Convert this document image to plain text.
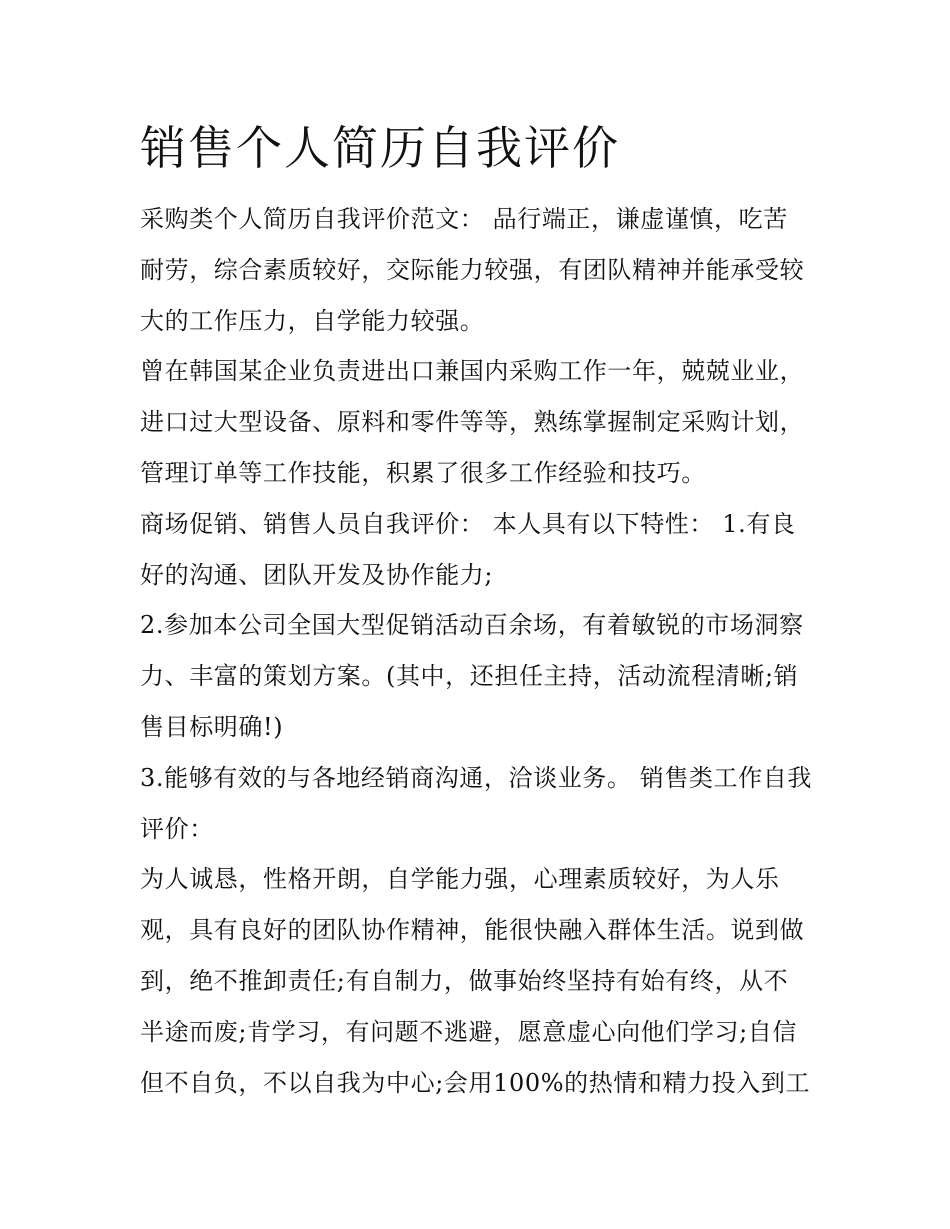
销售个人简历自我评价
采购类个人简历自我评价范文： 品行端正，谦虚谨慎，吃苦
耐劳，综合素质较好，交际能力较强，有团队精神并能承受较
大的工作压力，自学能力较强。
曾在韩国某企业负责进出口兼国内采购工作一年，兢兢业业，
进口过大型设备、原料和零件等等，熟练掌握制定采购计划，
管理订单等工作技能，积累了很多工作经验和技巧。
商场促销、销售人员自我评价： 本人具有以下特性： 1.有良
好的沟通、团队开发及协作能力;
2.参加本公司全国大型促销活动百余场，有着敏锐的市场洞察
力、丰富的策划方案。(其中，还担任主持，活动流程清晰;销
售目标明确!)
3.能够有效的与各地经销商沟通，洽谈业务。 销售类工作自我
评价：
为人诚恳，性格开朗，自学能力强，心理素质较好，为人乐
观，具有良好的团队协作精神，能很快融入群体生活。说到做
到，绝不推卸责任;有自制力，做事始终坚持有始有终，从不
半途而废;肯学习，有问题不逃避，愿意虚心向他们学习;自信
但不自负，不以自我为中心;会用100%的热情和精力投入到工
